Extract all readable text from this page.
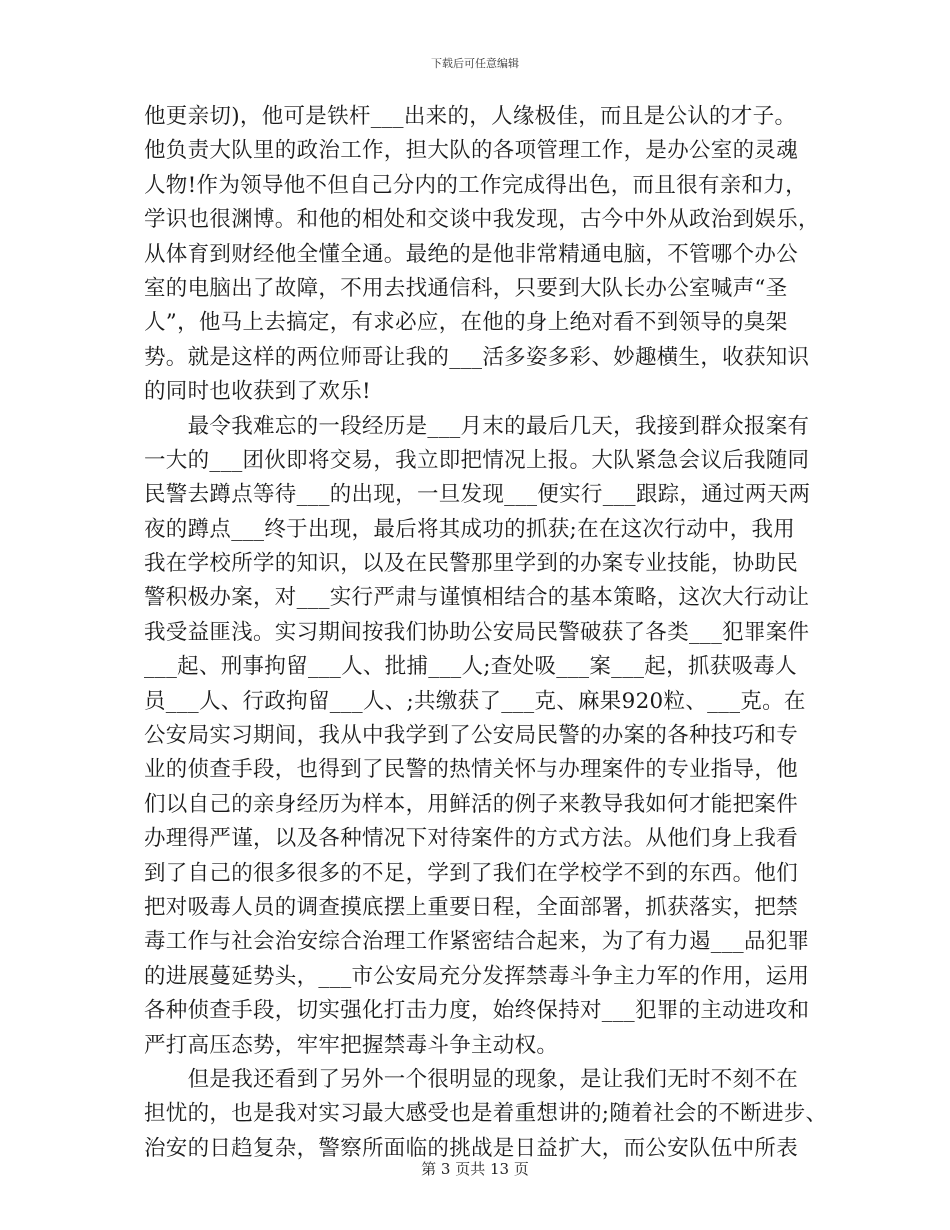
下载后可任意编辑
他更亲切)，他可是铁杆___出来的，人缘极佳，而且是公认的才子。
他负责大队里的政治工作，担大队的各项管理工作，是办公室的灵魂
人物!作为领导他不但自己分内的工作完成得出色，而且很有亲和力，
学识也很渊博。和他的相处和交谈中我发现，古今中外从政治到娱乐，
从体育到财经他全懂全通。最绝的是他非常精通电脑，不管哪个办公
室的电脑出了故障，不用去找通信科，只要到大队长办公室喊声“圣
人”，他马上去搞定，有求必应，在他的身上绝对看不到领导的臭架
势。就是这样的两位师哥让我的___活多姿多彩、妙趣横生，收获知识
的同时也收获到了欢乐!
　　最令我难忘的一段经历是___月末的最后几天，我接到群众报案有
一大的___团伙即将交易，我立即把情况上报。大队紧急会议后我随同
民警去蹲点等待___的出现，一旦发现___便实行___跟踪，通过两天两
夜的蹲点___终于出现，最后将其成功的抓获;在在这次行动中，我用
我在学校所学的知识，以及在民警那里学到的办案专业技能，协助民
警积极办案，对___实行严肃与谨慎相结合的基本策略，这次大行动让
我受益匪浅。实习期间按我们协助公安局民警破获了各类___犯罪案件
___起、刑事拘留___人、批捕___人;查处吸___案___起，抓获吸毒人
员___人、行政拘留___人、;共缴获了___克、麻果920粒、___克。在
公安局实习期间，我从中我学到了公安局民警的办案的各种技巧和专
业的侦查手段，也得到了民警的热情关怀与办理案件的专业指导，他
们以自己的亲身经历为样本，用鲜活的例子来教导我如何才能把案件
办理得严谨，以及各种情况下对待案件的方式方法。从他们身上我看
到了自己的很多很多的不足，学到了我们在学校学不到的东西。他们
把对吸毒人员的调查摸底摆上重要日程，全面部署，抓获落实，把禁
毒工作与社会治安综合治理工作紧密结合起来，为了有力遏___品犯罪
的进展蔓延势头，___市公安局充分发挥禁毒斗争主力军的作用，运用
各种侦查手段，切实强化打击力度，始终保持对___犯罪的主动进攻和
严打高压态势，牢牢把握禁毒斗争主动权。
　　但是我还看到了另外一个很明显的现象，是让我们无时不刻不在
担忧的，也是我对实习最大感受也是着重想讲的;随着社会的不断进步、
治安的日趋复杂，警察所面临的挑战是日益扩大，而公安队伍中所表
第 3 页共 13 页
